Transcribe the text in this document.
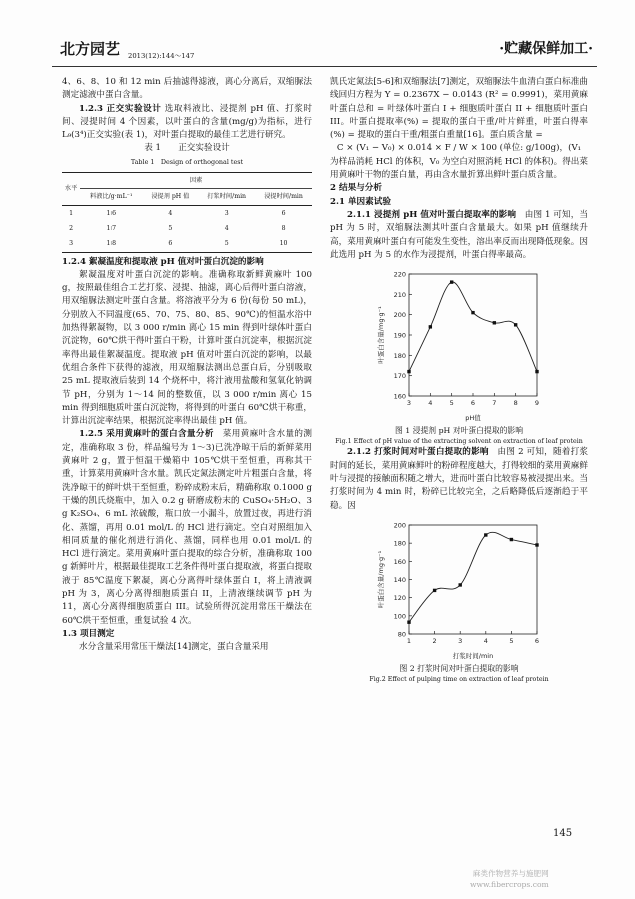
北方园艺 2013(12):144～147	·贮藏保鲜加工·

4、6、8、10 和 12 min 后抽滤得滤液，离心分离后，双缩脲法测定滤液中蛋白含量。

1.2.3 正交实验设计 选取料液比、浸提剂 pH 值、打浆时间、浸提时间 4 个因素，以叶蛋白的含量(mg/g)为指标，进行 L₉(3⁴)正交实验(表 1)，对叶蛋白提取的最佳工艺进行研究。

表 1　　 正交实验设计
Table 1　 Design of orthogonal test
水平	因素			
	料液比/g·mL⁻¹	浸提剂 pH 值	打浆时间/min	浸提时间/min
1	1∶6	4	3	6
2	1∶7	5	4	8
3	1∶8	6	5	10

1.2.4 絮凝温度和提取液 pH 值对叶蛋白沉淀的影响

絮凝温度对叶蛋白沉淀的影响。准确称取新鲜黄麻叶 100 g，按照最佳组合工艺打浆、浸提、抽滤，离心后得叶蛋白溶液，用双缩脲法测定叶蛋白含量。将溶液平分为 6 份(每份 50 mL)，分别放入不同温度(65、70、75、80、85、90℃)的恒温水浴中加热得絮凝物，以 3 000 r/min 离心 15 min 得到叶绿体叶蛋白沉淀物，60℃烘干得叶蛋白干粉，计算叶蛋白沉淀率，根据沉淀率得出最佳絮凝温度。提取液 pH 值对叶蛋白沉淀的影响，以最优组合条件下获得的滤液，用双缩脲法测出总蛋白后，分别吸取 25 mL 提取液后装到 14 个烧杯中，将汁液用盐酸和氢氧化钠调节 pH，分别为 1～14 间的整数值，以 3 000 r/min 离心 15 min 得到细胞质叶蛋白沉淀物，将得到的叶蛋白 60℃烘干称重，计算出沉淀率结果，根据沉淀率得出最佳 pH 值。

1.2.5 采用黄麻叶的蛋白含量分析　 菜用黄麻叶含水量的测定，准确称取 3 份，样品编号为 1～3)已洗净晾干后的新鲜菜用黄麻叶 2 g，置于恒温干燥箱中 105℃烘干至恒重，再称其干重，计算菜用黄麻叶含水量。凯氏定氮法测定叶片粗蛋白含量，将洗净晾干的鲜叶烘干至恒重，粉碎成粉末后，精确称取 0.1000 g 干燥的凯氏烧瓶中，加入 0.2 g 研磨成粉末的 CuSO₄·5H₂O、3 g K₂SO₄、6 mL 浓硫酸，瓶口放一小漏斗，放置过夜，再进行消化、蒸馏，再用 0.01 mol/L 的 HCl 进行滴定。空白对照组加入相同质量的催化剂进行消化、蒸馏，同样也用 0.01 mol/L 的 HCl 进行滴定。菜用黄麻叶蛋白提取的综合分析，准确称取 100 g 新鲜叶片，根据最佳提取工艺条件得叶蛋白提取液，将蛋白提取液于 85℃温度下絮凝，离心分离得叶绿体蛋白 I，将上清液调 pH 为 3，离心分离得细胞质蛋白 II，上清液继续调节 pH 为 11，离心分离得细胞质蛋白 III。试验所得沉淀用常压干燥法在 60℃烘干至恒重，重复试验 4 次。

1.3 项目测定

水分含量采用常压干燥法[14]测定，蛋白含量采用

凯氏定氮法[5-6]和双缩脲法[7]测定，双缩脲法牛血清白蛋白标准曲线回归方程为 Y = 0.2367X − 0.0143 (R² = 0.9991)，菜用黄麻叶蛋白总和 = 叶绿体叶蛋白 I + 细胞质叶蛋白 II + 细胞质叶蛋白 III。叶蛋白提取率(%) = 提取的蛋白干重/叶片鲜重，叶蛋白得率(%) = 提取的蛋白干重/粗蛋白重量[16]。蛋白质含量 =

C × (V₁ − V₀) × 0.014 × F / W × 100 (单位: g/100g)，(V₁

为样品消耗 HCl 的体积，V₀ 为空白对照消耗 HCl 的体积)。得出菜用黄麻叶干物的蛋白量，再由含水量折算出鲜叶蛋白质含量。

2 结果与分析

2.1 单因素试验

2.1.1 浸提剂 pH 值对叶蛋白提取率的影响　 由图 1 可知，当 pH 为 5 时，双缩脲法测其叶蛋白含量最大。如果 pH 值继续升高，菜用黄麻叶蛋白有可能发生变性，溶出率反而出现降低现象。因此选用 pH 为 5 的水作为浸提剂，叶蛋白得率最高。

160
170
180
190
200
210
220
3	4	5	6	7	8	9
pH值
叶蛋白含量/mg·g⁻¹
图 1 浸提剂 pH 对叶蛋白提取的影响
Fig.1 Effect of pH value of the extracting solvent on extraction of leaf protein

2.1.2 打浆时间对叶蛋白提取的影响　 由图 2 可知，随着打浆时间的延长，菜用黄麻鲜叶的粉碎程度越大，打得较细的菜用黄麻鲜叶与浸提的接触面积随之增大，进而叶蛋白比较容易被浸提出来。当打浆时间为 4 min 时，粉碎已比较完全，之后略降低后逐渐趋于平稳。因

80
100
120
140
160
180
200
1	2	3	4	5	6
打浆时间/min
叶蛋白含量/mg·g⁻¹
图 2 打浆时间对叶蛋白提取的影响
Fig.2 Effect of pulping time on extraction of leaf protein
145
麻类作物营养与施肥网
www.fibercrops.com
